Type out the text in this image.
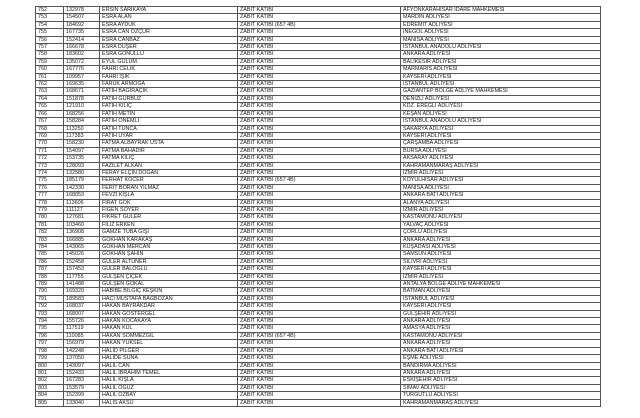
752	132978	ERSİN SARIKAYA	ZABIT KATİBİ	AFYONKARAHİSAR İDARE MAHKEMESİ
753	154507	ESRA ALAN	ZABIT KATİBİ	MARDİN ADLİYESİ
754	184692	ESRA AYDUK	ZABIT KATİBİ (657 4B)	EDREMİT ADLİYESİ
755	167735	ESRA CAN ÖZÇÜR	ZABIT KATİBİ	İNEGÖL ADLİYESİ
756	152414	ESRA CANBAZ	ZABIT KATİBİ	MANİSA ADLİYESİ
757	166678	ESRA DÜŞER	ZABIT KATİBİ	İSTANBUL ANADOLU ADLİYESİ
758	183602	ESRA GÖNÜLLÜ	ZABIT KATİBİ	ANKARA ADLİYESİ
759	135072	EYÜL GÜLÜM	ZABIT KATİBİ	BALIKESİR ADLİYESİ
760	167776	FAHRİ CELİK	ZABIT KATİBİ	MARMARİS ADLİYESİ
761	109957	FAHRİ IŞIK	ZABIT KATİBİ	KAYSERİ ADLİYESİ
762	169635	FARUK ARMOĞA	ZABIT KATİBİ	İSTANBUL ADLİYESİ
763	168671	FATİH BAĞIRAÇIK	ZABIT KATİBİ	GAZİANTEP BÖLGE ADLİYE MAHKEMESİ
764	151878	FATİH GÜRBÜZ	ZABIT KATİBİ	DENİZLİ ADLİYESİ
765	121910	FATİH KILIÇ	ZABIT KATİBİ	KDZ. EREĞLİ ADLİYESİ
766	168256	FATİH METİN	ZABIT KATİBİ	KEŞAN ADLİYESİ
767	158284	FATİH ÖNEMLİ	ZABIT KATİBİ	İSTANBUL ANADOLU ADLİYESİ
768	113250	FATİH TUNCA	ZABIT KATİBİ	SAKARYA ADLİYESİ
769	117383	FATİH UYAR	ZABIT KATİBİ	KAYSERİ ADLİYESİ
770	158230	FATMA ALBAYRAK USTA	ZABIT KATİBİ	ÇARŞAMBA ADLİYESİ
771	154097	FATMA BAHADIR	ZABIT KATİBİ	BURSA ADLİYESİ
772	153735	FATMA KILIÇ	ZABIT KATİBİ	AKSARAY ADLİYESİ
773	128093	FAZİLET ALKAN	ZABIT KATİBİ	KAHRAMANMARAŞ ADLİYESİ
774	132580	FERAY ELÇİN DOĞAN	ZABIT KATİBİ	İZMİR ADLİYESİ
775	185179	FERHAT KOCER	ZABIT KATİBİ (657 4B)	KOYULHİSAR ADLİYESİ
776	142330	FERİT BORAN YILMAZ	ZABIT KATİBİ	MANİSA ADLİYESİ
777	168053	FEVZİ KIŞLA	ZABIT KATİBİ	ANKARA BATI ADLİYESİ
778	113606	FIRAT GÖK	ZABIT KATİBİ	ALANYA ADLİYESİ
779	111127	FİGEN SOYER	ZABIT KATİBİ	İZMİR ADLİYESİ
780	127681	FİKRET GÜLER	ZABIT KATİBİ	KASTAMONU ADLİYESİ
781	103460	FİLİZ ERKEN	ZABIT KATİBİ	YALVAÇ ADLİYESİ
782	136908	GAMZE TUBA GİŞİ	ZABIT KATİBİ	ÇORLU ADLİYESİ
783	166885	GÖKHAN KARAKAŞ	ZABIT KATİBİ	ANKARA ADLİYESİ
784	143065	GÖKHAN MERCAN	ZABIT KATİBİ	KUŞADASI ADLİYESİ
785	145026	GÖKHAN ŞAHİN	ZABIT KATİBİ	SAMSUN ADLİYESİ
786	152458	GÜLER ALTUNER	ZABIT KATİBİ	SİLİVRİ ADLİYESİ
787	157453	GÜLER BALOĞLU	ZABIT KATİBİ	KAYSERİ ADLİYESİ
788	117755	GÜLŞEN ÇİÇEK	ZABIT KATİBİ	İZMİR ADLİYESİ
789	141488	GÜLŞEN GÖKAL	ZABIT KATİBİ	ANTALYA BÖLGE ADLİYE MAHKEMESİ
790	169320	HABİBE BİLGİÇ KEŞKİN	ZABIT KATİBİ	BATMAN ADLİYESİ
791	189583	HACI MUSTAFA BAGBOZAN	ZABIT KATİBİ	İSTANBUL ADLİYESİ
792	168037	HAKAN BAYRAKDAR	ZABIT KATİBİ	KAYSERİ ADLİYESİ
793	168007	HAKAN GÖSTERGEL	ZABIT KATİBİ	GÜLŞEHİR ADLİYESİ
794	155726	HAKAN KOCAKAYA	ZABIT KATİBİ	ANKARA ADLİYESİ
795	117519	HAKAN KUL	ZABIT KATİBİ	AMASYA ADLİYESİ
796	110085	HAKAN SÖMMEZGİL	ZABIT KATİBİ (657 4B)	KASTAMONU ADLİYESİ
797	156979	HAKAN YÜKSEL	ZABIT KATİBİ	ANKARA ADLİYESİ
798	142248	HALİD PİLGER	ZABIT KATİBİ	ANKARA BATI ADLİYESİ
799	137050	HALİDE SUNA	ZABIT KATİBİ	EŞME ADLİYESİ
800	143097	HALİL CAN	ZABIT KATİBİ	BANDIRMA ADLİYESİ
801	152433	HALİL İBRAHİM TEMEL	ZABIT KATİBİ	ANKARA ADLİYESİ
802	167283	HALİL KIŞLA	ZABIT KATİBİ	ESKİŞEHİR ADLİYESİ
803	153579	HALİL OĞUZ	ZABIT KATİBİ	SİMAV ADLİYESİ
804	152399	HALİL ÖZBAY	ZABIT KATİBİ	TURGUTLU ADLİYESİ
805	133040	HALİS AKSU	ZABIT KATİBİ	KAHRAMANMARAŞ ADLİYESİ
